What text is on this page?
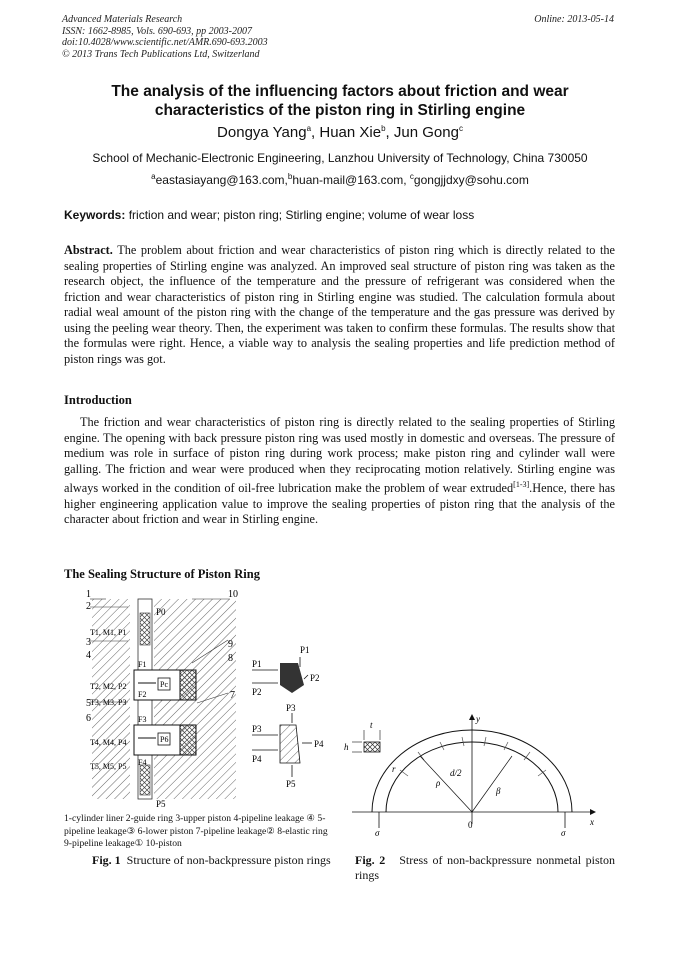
Advanced Materials Research
ISSN: 1662-8985, Vols. 690-693, pp 2003-2007
doi:10.4028/www.scientific.net/AMR.690-693.2003
© 2013 Trans Tech Publications Ltd, Switzerland
Online: 2013-05-14
The analysis of the influencing factors about friction and wear
characteristics of the piston ring in Stirling engine
Dongya Yang$^a$, Huan Xie$^b$, Jun Gong$^c$
School of Mechanic-Electronic Engineering, Lanzhou University of Technology, China 730050
$^a$eastasiayang@163.com,$^b$huan-mail@163.com, $^c$gongjjdxy@sohu.com
Keywords: friction and wear; piston ring; Stirling engine; volume of wear loss
Abstract. The problem about friction and wear characteristics of piston ring which is directly related to the sealing properties of Stirling engine was analyzed. An improved seal structure of piston ring was taken as the research object, the influence of the temperature and the pressure of refrigerant was considered when the friction and wear characteristics of piston ring in Stirling engine was studied. The calculation formula about radial weal amount of the piston ring with the change of the temperature and the gas pressure was derived by using the peeling wear theory. Then, the experiment was taken to confirm these formulas. The results show that the formulas were right. Hence, a viable way to analysis the sealing properties and life prediction method of piston rings was got.
Introduction
The friction and wear characteristics of piston ring is directly related to the sealing properties of Stirling engine. The opening with back pressure piston ring was used mostly in domestic and overseas. The pressure of medium was role in surface of piston ring during work process; make piston ring and cylinder wall were galling. The friction and wear were produced when they reciprocating motion relatively. Stirling engine was always worked in the condition of oil-free lubrication make the problem of wear extruded[1-3].Hence, there has higher engineering application value to improve the sealing properties of piston ring that the analysis of the character about friction and wear in Stirling engine.
The Sealing Structure of Piston Ring
1
2
3
4
5
6
7
8
9
10
P0
T1, M1, P1
T2, M2, P2
T3, M3, P3
T4, M4, P4
T5, M5, P5
F1
F2
F3
F4
Pc
P6
P5
P1
P2
P1
P2
P3
P3
P4
P4
P5
t
h
y
x
r
ρ
d/2
β
0
σ	σ
1-cylinder liner 2-guide ring 3-upper piston 4-pipeline leakage ④ 5-pipeline leakage③ 6-lower piston 7-pipeline leakage② 8-elastic ring 9-pipeline leakage① 10-piston
Fig. 1 Structure of non-backpressure piston rings Fig. 2 Stress of non-backpressure nonmetal piston rings
